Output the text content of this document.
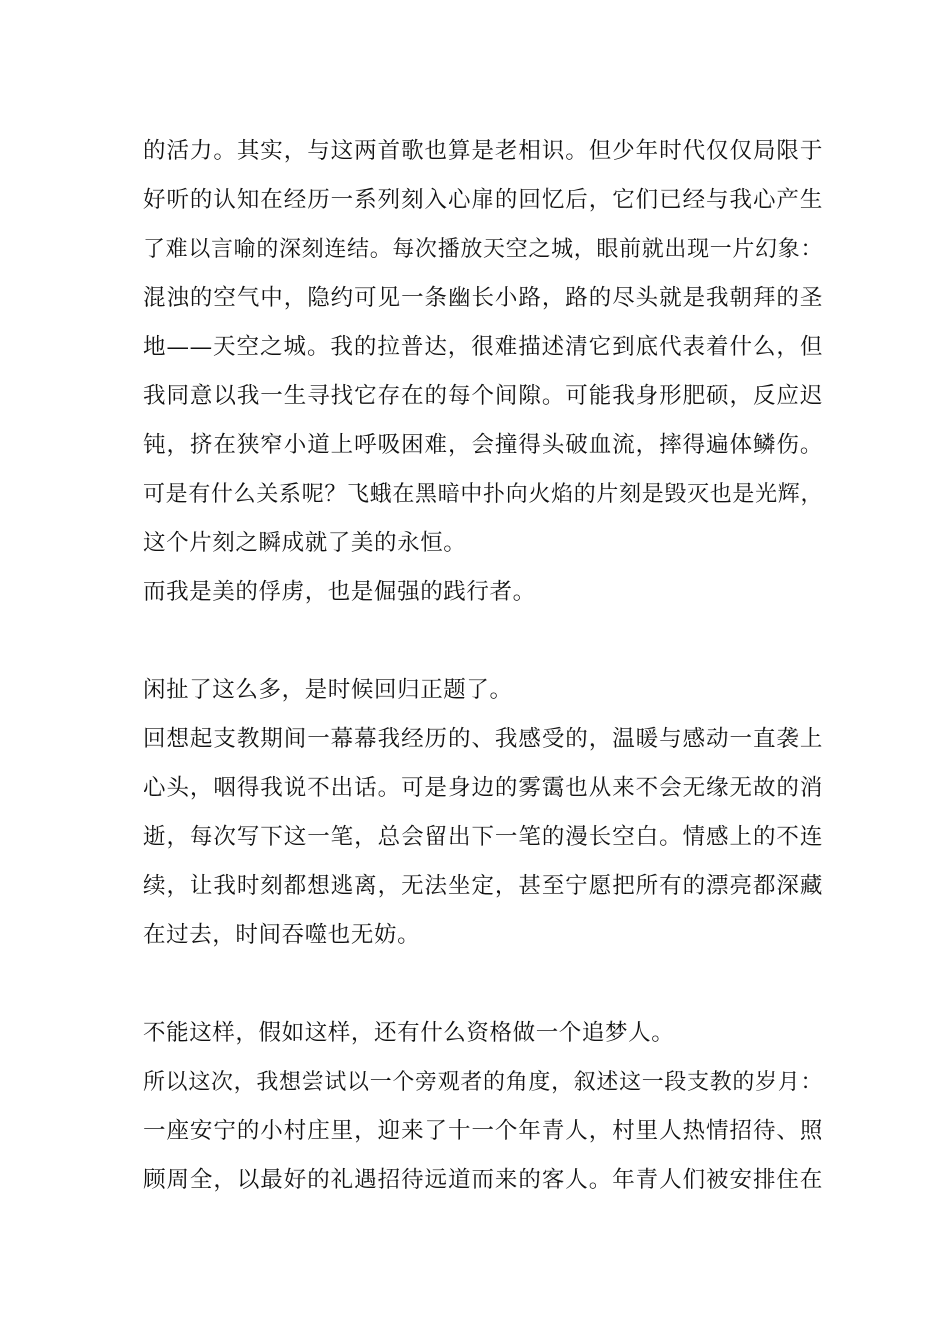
的活力。其实，与这两首歌也算是老相识。但少年时代仅仅局限于
好听的认知在经历一系列刻入心扉的回忆后，它们已经与我心产生
了难以言喻的深刻连结。每次播放天空之城，眼前就出现一片幻象：
混浊的空气中，隐约可见一条幽长小路，路的尽头就是我朝拜的圣
地——天空之城。我的拉普达，很难描述清它到底代表着什么，但
我同意以我一生寻找它存在的每个间隙。可能我身形肥硕，反应迟
钝，挤在狭窄小道上呼吸困难，会撞得头破血流，摔得遍体鳞伤。
可是有什么关系呢？飞蛾在黑暗中扑向火焰的片刻是毁灭也是光辉，
这个片刻之瞬成就了美的永恒。
而我是美的俘虏，也是倔强的践行者。
闲扯了这么多，是时候回归正题了。
回想起支教期间一幕幕我经历的、我感受的，温暖与感动一直袭上
心头，咽得我说不出话。可是身边的雾霭也从来不会无缘无故的消
逝，每次写下这一笔，总会留出下一笔的漫长空白。情感上的不连
续，让我时刻都想逃离，无法坐定，甚至宁愿把所有的漂亮都深藏
在过去，时间吞噬也无妨。
不能这样，假如这样，还有什么资格做一个追梦人。
所以这次，我想尝试以一个旁观者的角度，叙述这一段支教的岁月：
一座安宁的小村庄里，迎来了十一个年青人，村里人热情招待、照
顾周全，以最好的礼遇招待远道而来的客人。年青人们被安排住在
